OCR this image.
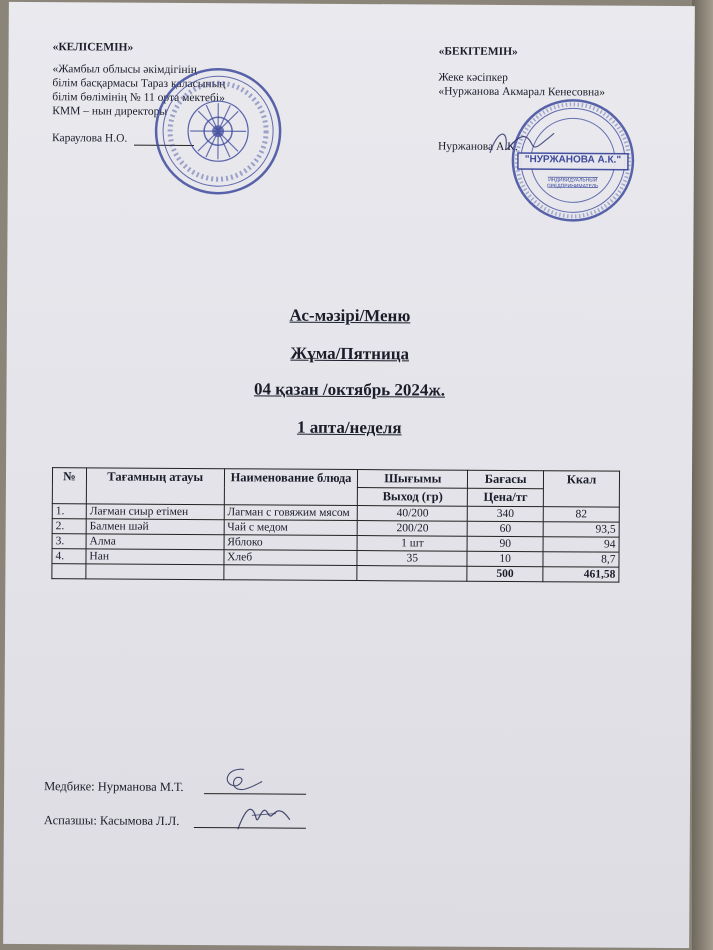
«КЕЛІСЕМІН»
«Жамбыл облысы әкімдігінің
білім басқармасы Тараз қаласының
білім бөлімінің № 11 орта мектебі»
КММ – нын директоры
Караулова Н.О.
«БЕКІТЕМІН»
Жеке кәсіпкер
«Нуржанова Акмарал Кенесовна»
Нуржанова А.К.
"НУРЖАНОВА А.К."
ИНДИВИДУАЛЬНЫЙ ПРЕДПРИНИМАТЕЛЬ
Ас-мәзірі/Меню
Жұма/Пятница
04 қазан /октябрь 2024ж.
1 апта/неделя
№	Тағамның атауы	Наименование блюда	Шығымы	Бағасы	Ккал
			Выход (гр)	Цена/тг	
1.	Лағман сиыр етімен	Лагман с говяжим мясом	40/200	340	82
2.	Балмен шәй	Чай с медом	200/20	60	93,5
3.	Алма	Яблоко	1 шт	90	94
4.	Нан	Хлеб	35	10	8,7
				500	461,58
Медбике: Нурманова М.Т.
Аспазшы: Касымова Л.Л.
